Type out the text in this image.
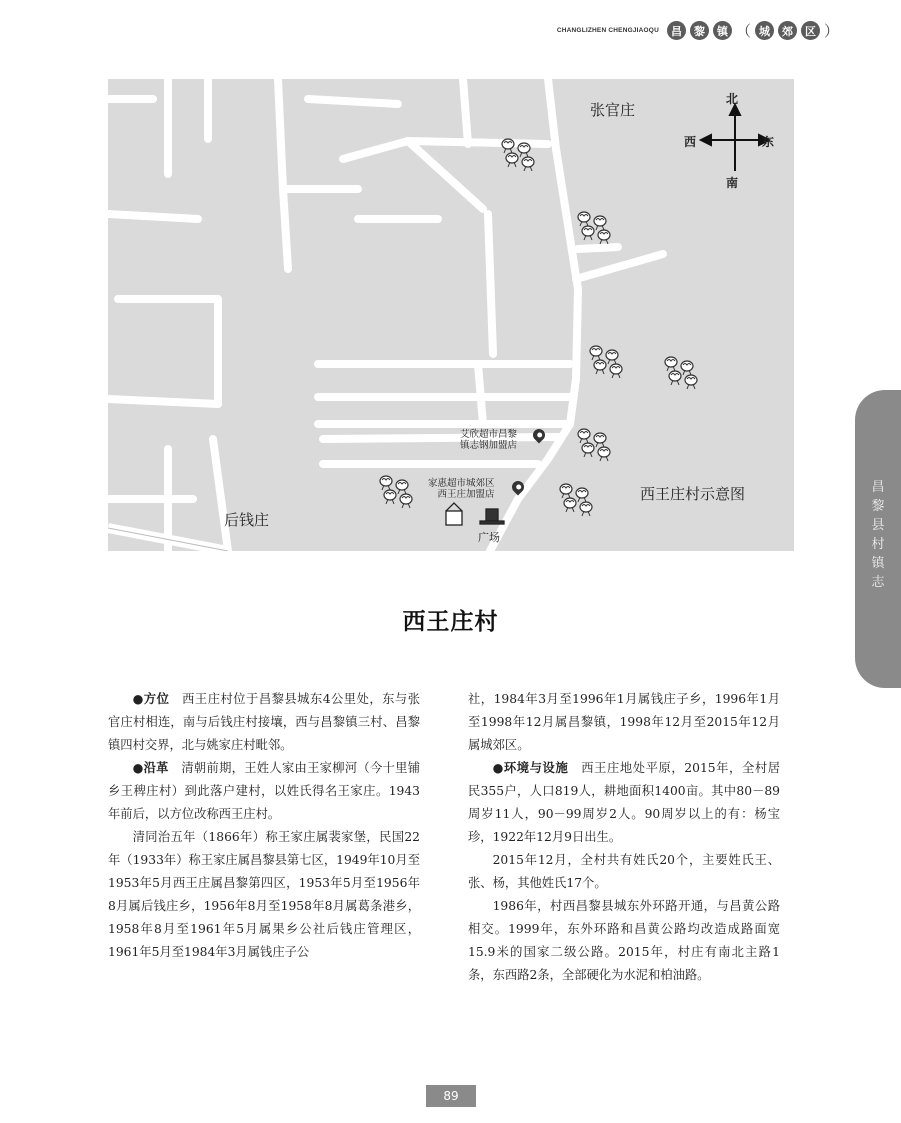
CHANGLIZHEN CHENGJIAOQU	昌	黎	镇 （ 城	郊	区 ）
昌黎县村镇志
张官庄
后钱庄
广场
西王庄村示意图
北
南
西	东
艾欣超市昌黎
镇志钢加盟店
家惠超市城郊区
西王庄加盟店
西王庄村

●方位　西王庄村位于昌黎县城东4公里处，东与张官庄村相连，南与后钱庄村接壤，西与昌黎镇三村、昌黎镇四村交界，北与姚家庄村毗邻。

●沿革　清朝前期，王姓人家由王家柳河（今十里铺乡王稗庄村）到此落户建村，以姓氏得名王家庄。1943年前后，以方位改称西王庄村。

清同治五年（1866年）称王家庄属裴家堡，民国22年（1933年）称王家庄属昌黎县第七区，1949年10月至1953年5月西王庄属昌黎第四区，1953年5月至1956年8月属后钱庄乡，1956年8月至1958年8月属葛条港乡，1958年8月至1961年5月属果乡公社后钱庄管理区，1961年5月至1984年3月属钱庄子公

社，1984年3月至1996年1月属钱庄子乡，1996年1月至1998年12月属昌黎镇，1998年12月至2015年12月属城郊区。

●环境与设施　西王庄地处平原，2015年，全村居民355户，人口819人，耕地面积1400亩。其中80－89周岁11人，90－99周岁2人。90周岁以上的有：杨宝珍，1922年12月9日出生。

2015年12月，全村共有姓氏20个，主要姓氏王、张、杨，其他姓氏17个。

1986年，村西昌黎县城东外环路开通，与昌黄公路相交。1999年，东外环路和昌黄公路均改造成路面宽15.9米的国家二级公路。2015年，村庄有南北主路1条，东西路2条，全部硬化为水泥和柏油路。

89
